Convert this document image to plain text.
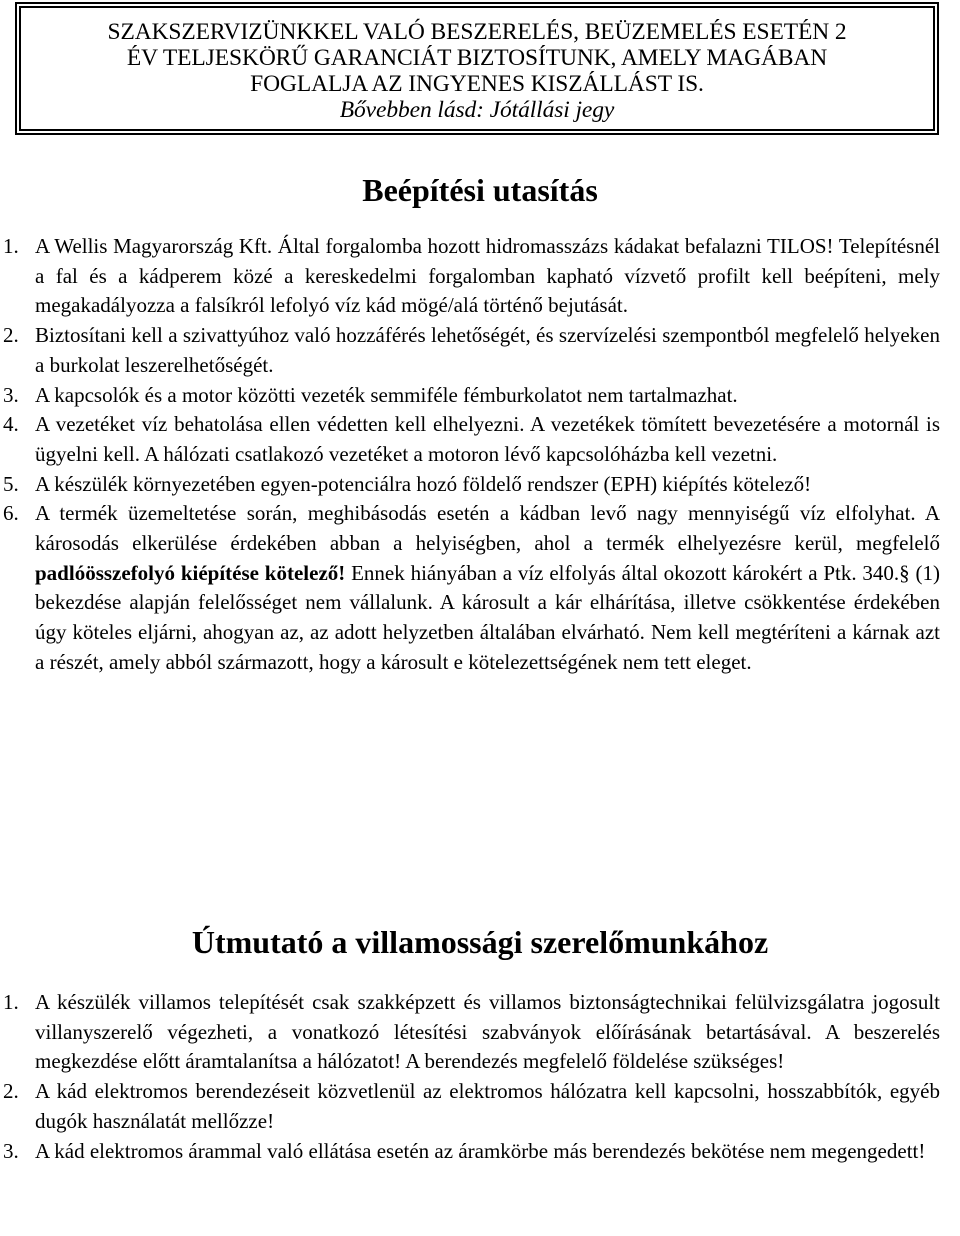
SZAKSZERVIZÜNKKEL VALÓ BESZERELÉS, BEÜZEMELÉS ESETÉN 2
ÉV TELJESKÖRŰ GARANCIÁT BIZTOSÍTUNK, AMELY MAGÁBAN
FOGLALJA AZ INGYENES KISZÁLLÁST IS.
Bővebben lásd: Jótállási jegy
Beépítési utasítás
1. A Wellis Magyarország Kft. Által forgalomba hozott hidromasszázs kádakat befalazni TILOS! Telepítésnél a fal és a kádperem közé a kereskedelmi forgalomban kapható vízvető profilt kell beépíteni, mely megakadályozza a falsíkról lefolyó víz kád mögé/alá történő bejutását.
2. Biztosítani kell a szivattyúhoz való hozzáférés lehetőségét, és szervízelési szempontból megfelelő helyeken a burkolat leszerelhetőségét.
3. A kapcsolók és a motor közötti vezeték semmiféle fémburkolatot nem tartalmazhat.
4. A vezetéket víz behatolása ellen védetten kell elhelyezni. A vezetékek tömített bevezetésére a motornál is ügyelni kell. A hálózati csatlakozó vezetéket a motoron lévő kapcsolóházba kell vezetni.
5. A készülék környezetében egyen-potenciálra hozó földelő rendszer (EPH) kiépítés kötelező!
6. A termék üzemeltetése során, meghibásodás esetén a kádban levő nagy mennyiségű víz elfolyhat. A károsodás elkerülése érdekében abban a helyiségben, ahol a termék elhelyezésre kerül, megfelelő padlóösszefolyó kiépítése kötelező! Ennek hiányában a víz elfolyás által okozott károkért a Ptk. 340.§ (1) bekezdése alapján felelősséget nem vállalunk. A károsult a kár elhárítása, illetve csökkentése érdekében úgy köteles eljárni, ahogyan az, az adott helyzetben általában elvárható. Nem kell megtéríteni a kárnak azt a részét, amely abból származott, hogy a károsult e kötelezettségének nem tett eleget.
Útmutató a villamossági szerelőmunkához
1. A készülék villamos telepítését csak szakképzett és villamos biztonságtechnikai felülvizsgálatra jogosult villanyszerelő végezheti, a vonatkozó létesítési szabványok előírásának betartásával. A beszerelés megkezdése előtt áramtalanítsa a hálózatot! A berendezés megfelelő földelése szükséges!
2. A kád elektromos berendezéseit közvetlenül az elektromos hálózatra kell kapcsolni, hosszabbítók, egyéb dugók használatát mellőzze!
3. A kád elektromos árammal való ellátása esetén az áramkörbe más berendezés bekötése nem megengedett!
